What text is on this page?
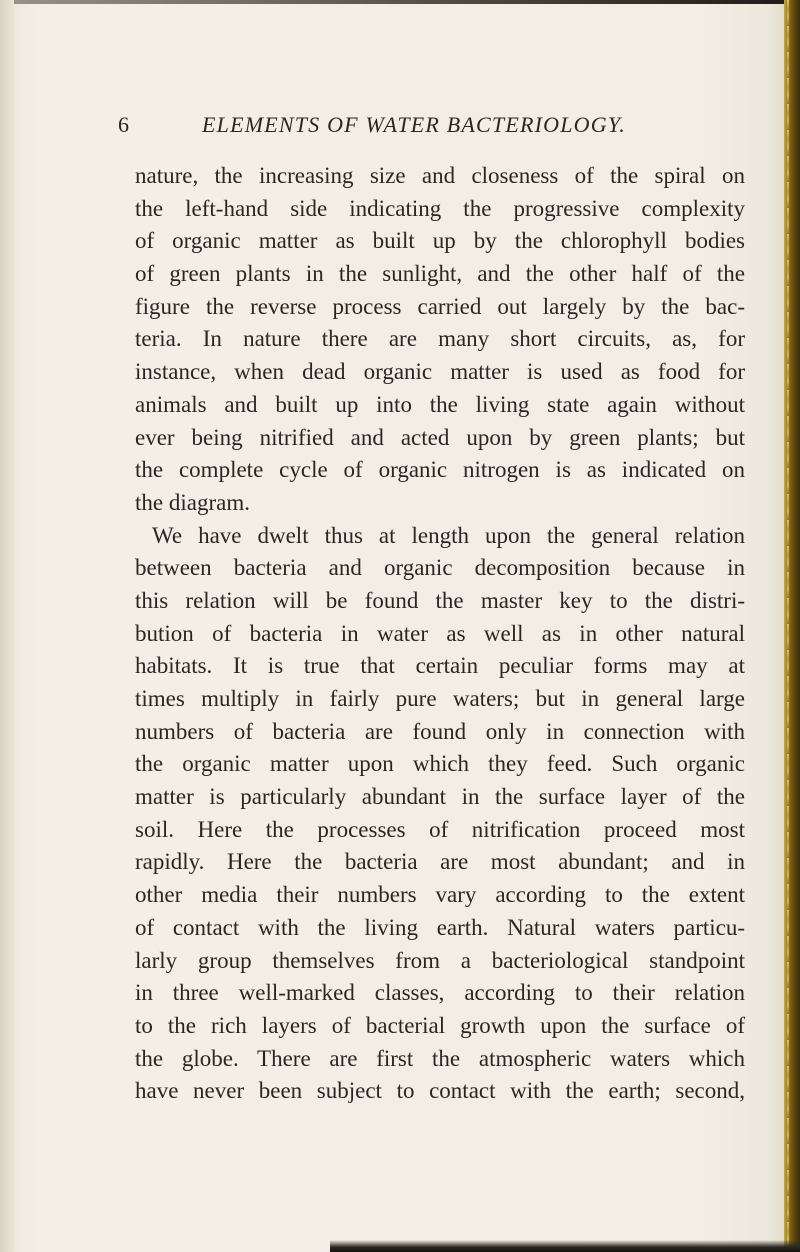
6	ELEMENTS OF WATER BACTERIOLOGY.
nature, the increasing size and closeness of the spiral on
the left-hand side indicating the progressive complexity
of organic matter as built up by the chlorophyll bodies
of green plants in the sunlight, and the other half of the
figure the reverse process carried out largely by the bac-
teria. In nature there are many short circuits, as, for
instance, when dead organic matter is used as food for
animals and built up into the living state again without
ever being nitrified and acted upon by green plants; but
the complete cycle of organic nitrogen is as indicated on
the diagram.
We have dwelt thus at length upon the general relation
between bacteria and organic decomposition because in
this relation will be found the master key to the distri-
bution of bacteria in water as well as in other natural
habitats. It is true that certain peculiar forms may at
times multiply in fairly pure waters; but in general large
numbers of bacteria are found only in connection with
the organic matter upon which they feed. Such organic
matter is particularly abundant in the surface layer of the
soil. Here the processes of nitrification proceed most
rapidly. Here the bacteria are most abundant; and in
other media their numbers vary according to the extent
of contact with the living earth. Natural waters particu-
larly group themselves from a bacteriological standpoint
in three well-marked classes, according to their relation
to the rich layers of bacterial growth upon the surface of
the globe. There are first the atmospheric waters which
have never been subject to contact with the earth; second,
